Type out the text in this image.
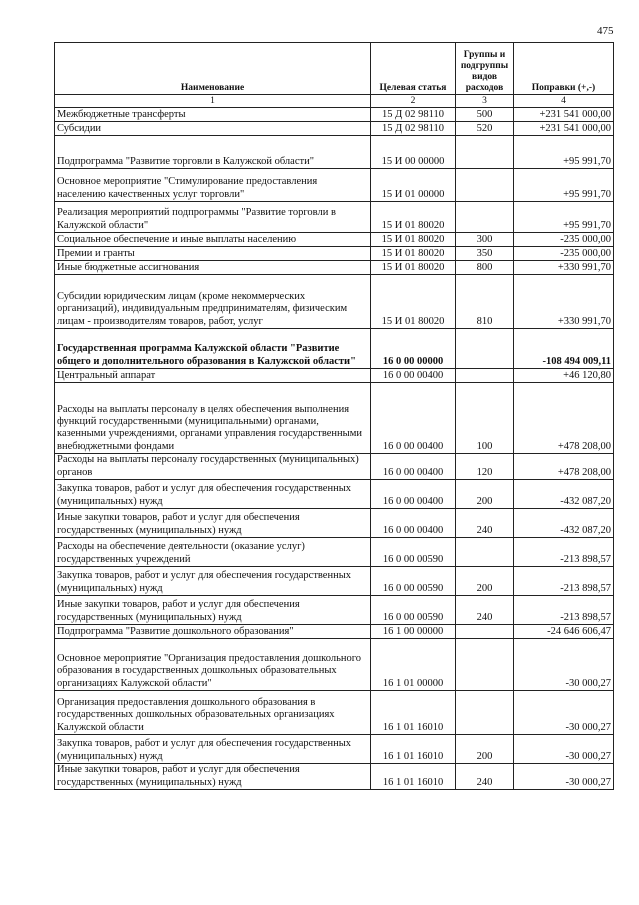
475
Наименование	Целевая статья	Группы и подгруппы видов расходов	Поправки (+,-)
1	2	3	4
Межбюджетные трансферты	15 Д 02 98110	500	+231 541 000,00
Субсидии	15 Д 02 98110	520	+231 541 000,00
Подпрограмма "Развитие торговли в Калужской области"	15 И 00 00000		+95 991,70
Основное мероприятие "Стимулирование предоставления населению качественных услуг торговли"	15 И 01 00000		+95 991,70
Реализация мероприятий подпрограммы "Развитие торговли в Калужской области"	15 И 01 80020		+95 991,70
Социальное обеспечение и иные выплаты населению	15 И 01 80020	300	-235 000,00
Премии и гранты	15 И 01 80020	350	-235 000,00
Иные бюджетные ассигнования	15 И 01 80020	800	+330 991,70
Субсидии юридическим лицам (кроме некоммерческих организаций), индивидуальным предпринимателям, физическим лицам - производителям товаров, работ, услуг	15 И 01 80020	810	+330 991,70
Государственная программа Калужской области "Развитие общего и дополнительного образования в Калужской области"	16 0 00 00000		-108 494 009,11
Центральный аппарат	16 0 00 00400		+46 120,80
Расходы на выплаты персоналу в целях обеспечения выполнения функций государственными (муниципальными) органами, казенными учреждениями, органами управления государственными внебюджетными фондами	16 0 00 00400	100	+478 208,00
Расходы на выплаты персоналу государственных (муниципальных) органов	16 0 00 00400	120	+478 208,00
Закупка товаров, работ и услуг для обеспечения государственных (муниципальных) нужд	16 0 00 00400	200	-432 087,20
Иные закупки товаров, работ и услуг для обеспечения государственных (муниципальных) нужд	16 0 00 00400	240	-432 087,20
Расходы на обеспечение деятельности (оказание услуг) государственных учреждений	16 0 00 00590		-213 898,57
Закупка товаров, работ и услуг для обеспечения государственных (муниципальных) нужд	16 0 00 00590	200	-213 898,57
Иные закупки товаров, работ и услуг для обеспечения государственных (муниципальных) нужд	16 0 00 00590	240	-213 898,57
Подпрограмма "Развитие дошкольного образования"	16 1 00 00000		-24 646 606,47
Основное мероприятие "Организация предоставления дошкольного образования в государственных дошкольных образовательных организациях Калужской области"	16 1 01 00000		-30 000,27
Организация предоставления дошкольного образования в государственных дошкольных образовательных организациях Калужской области	16 1 01 16010		-30 000,27
Закупка товаров, работ и услуг для обеспечения государственных (муниципальных) нужд	16 1 01 16010	200	-30 000,27
Иные закупки товаров, работ и услуг для обеспечения государственных (муниципальных) нужд	16 1 01 16010	240	-30 000,27
